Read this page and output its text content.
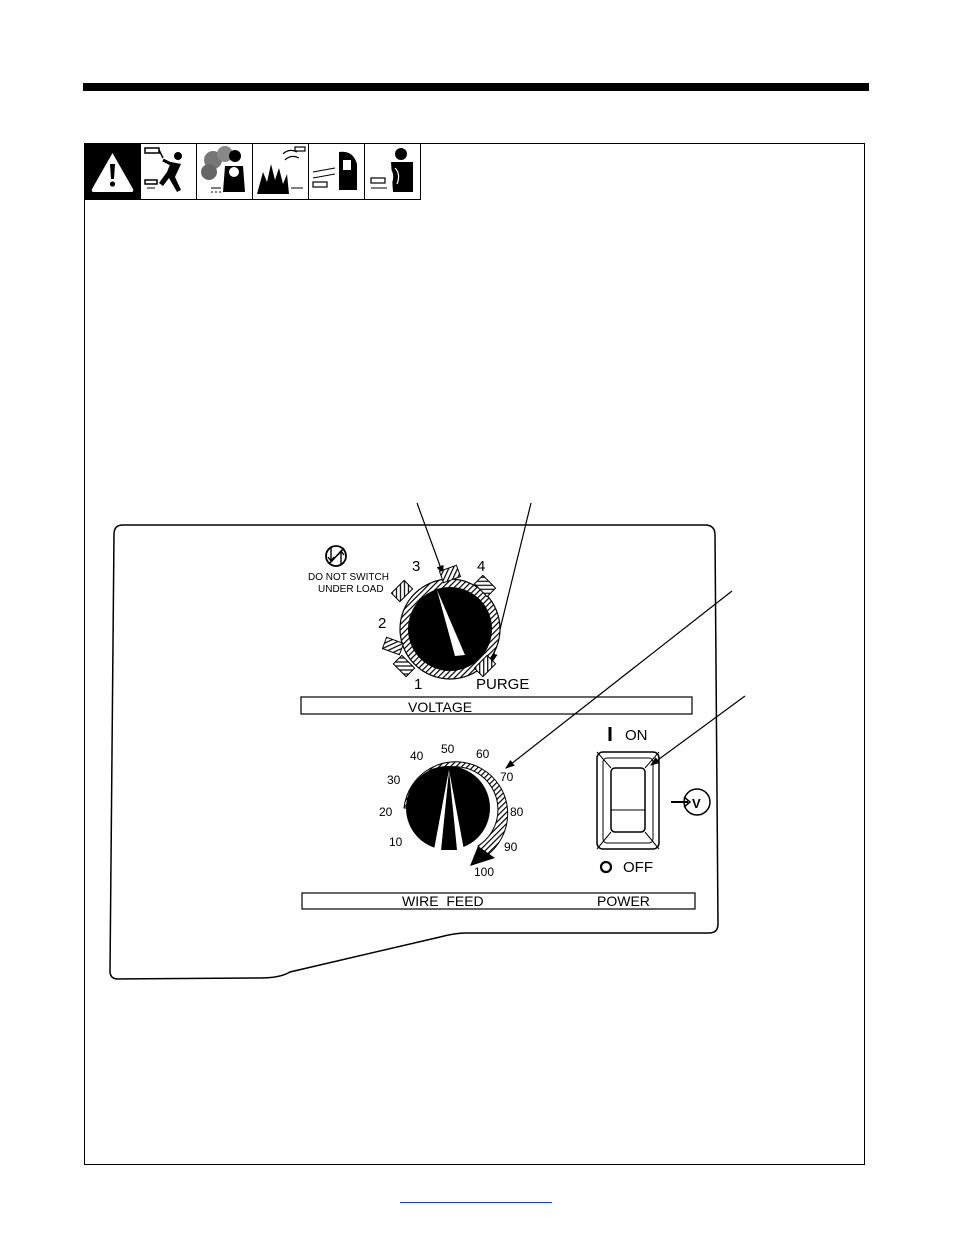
DO NOT SWITCH
UNDER LOAD
3	4
2
1	PURGE
VOLTAGE
10
20
30
40 50 60
70
80
90
100
ON
OFF
V
WIRE  FEED	POWER
